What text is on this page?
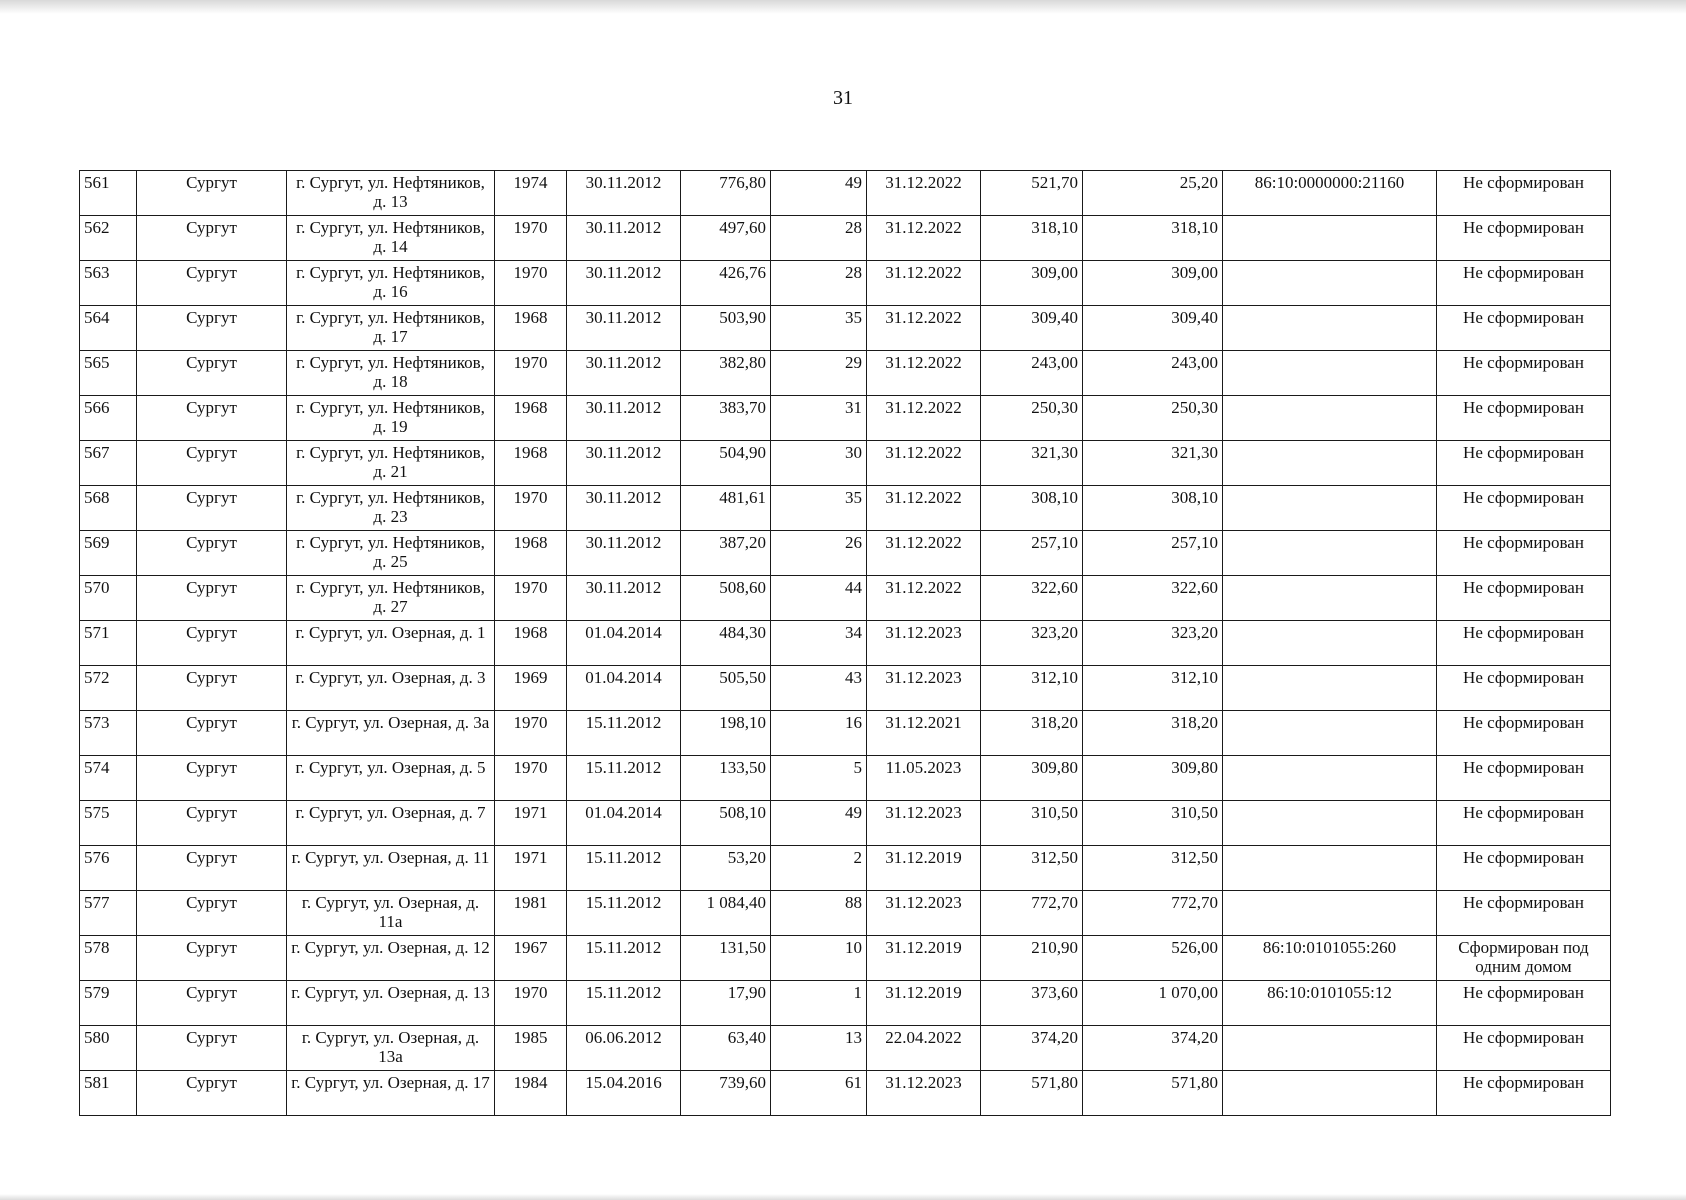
31
561	Сургут	г. Сургут, ул. Нефтяников, д. 13	1974	30.11.2012	776,80	49	31.12.2022	521,70	25,20	86:10:0000000:21160	Не сформирован
562	Сургут	г. Сургут, ул. Нефтяников, д. 14	1970	30.11.2012	497,60	28	31.12.2022	318,10	318,10		Не сформирован
563	Сургут	г. Сургут, ул. Нефтяников, д. 16	1970	30.11.2012	426,76	28	31.12.2022	309,00	309,00		Не сформирован
564	Сургут	г. Сургут, ул. Нефтяников, д. 17	1968	30.11.2012	503,90	35	31.12.2022	309,40	309,40		Не сформирован
565	Сургут	г. Сургут, ул. Нефтяников, д. 18	1970	30.11.2012	382,80	29	31.12.2022	243,00	243,00		Не сформирован
566	Сургут	г. Сургут, ул. Нефтяников, д. 19	1968	30.11.2012	383,70	31	31.12.2022	250,30	250,30		Не сформирован
567	Сургут	г. Сургут, ул. Нефтяников, д. 21	1968	30.11.2012	504,90	30	31.12.2022	321,30	321,30		Не сформирован
568	Сургут	г. Сургут, ул. Нефтяников, д. 23	1970	30.11.2012	481,61	35	31.12.2022	308,10	308,10		Не сформирован
569	Сургут	г. Сургут, ул. Нефтяников, д. 25	1968	30.11.2012	387,20	26	31.12.2022	257,10	257,10		Не сформирован
570	Сургут	г. Сургут, ул. Нефтяников, д. 27	1970	30.11.2012	508,60	44	31.12.2022	322,60	322,60		Не сформирован
571	Сургут	г. Сургут, ул. Озерная, д. 1	1968	01.04.2014	484,30	34	31.12.2023	323,20	323,20		Не сформирован
572	Сургут	г. Сургут, ул. Озерная, д. 3	1969	01.04.2014	505,50	43	31.12.2023	312,10	312,10		Не сформирован
573	Сургут	г. Сургут, ул. Озерная, д. 3а	1970	15.11.2012	198,10	16	31.12.2021	318,20	318,20		Не сформирован
574	Сургут	г. Сургут, ул. Озерная, д. 5	1970	15.11.2012	133,50	5	11.05.2023	309,80	309,80		Не сформирован
575	Сургут	г. Сургут, ул. Озерная, д. 7	1971	01.04.2014	508,10	49	31.12.2023	310,50	310,50		Не сформирован
576	Сургут	г. Сургут, ул. Озерная, д. 11	1971	15.11.2012	53,20	2	31.12.2019	312,50	312,50		Не сформирован
577	Сургут	г. Сургут, ул. Озерная, д. 11а	1981	15.11.2012	1 084,40	88	31.12.2023	772,70	772,70		Не сформирован
578	Сургут	г. Сургут, ул. Озерная, д. 12	1967	15.11.2012	131,50	10	31.12.2019	210,90	526,00	86:10:0101055:260	Сформирован под одним домом
579	Сургут	г. Сургут, ул. Озерная, д. 13	1970	15.11.2012	17,90	1	31.12.2019	373,60	1 070,00	86:10:0101055:12	Не сформирован
580	Сургут	г. Сургут, ул. Озерная, д. 13а	1985	06.06.2012	63,40	13	22.04.2022	374,20	374,20		Не сформирован
581	Сургут	г. Сургут, ул. Озерная, д. 17	1984	15.04.2016	739,60	61	31.12.2023	571,80	571,80		Не сформирован
